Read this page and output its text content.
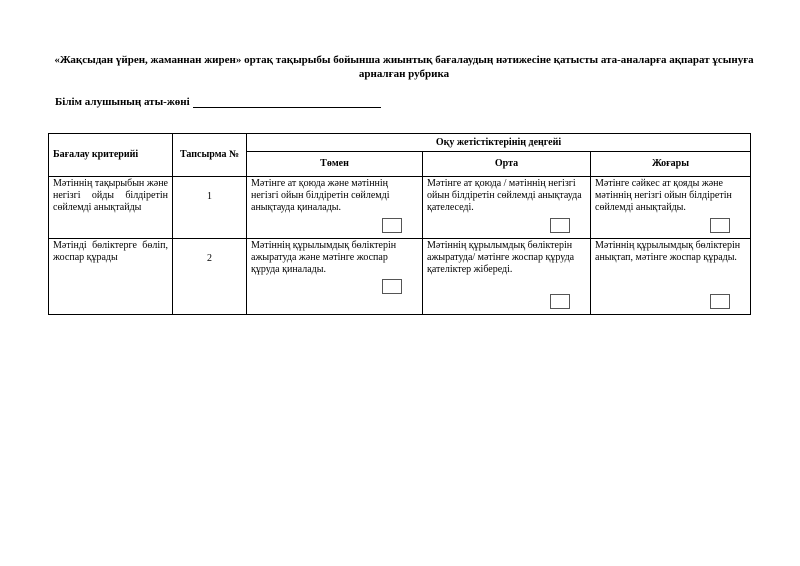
«Жақсыдан үйрен, жаманнан жирен» ортақ тақырыбы бойынша жиынтық бағалаудың нәтижесіне қатысты ата-аналарға ақпарат ұсынуға арналған рубрика
Білім алушының аты-жөні
Бағалау критерийі	Тапсырма №	Оқу жетістіктерінің деңгейі		
		Төмен	Орта	Жоғары
Мәтіннің тақырыбын және негізгі ойды білдіретін сөйлемді анықтайды	1	Мәтінге ат қоюда және мәтіннің негізгі ойын білдіретін сөйлемді анықтауда қиналады.	Мәтінге ат қоюда / мәтіннің негізгі ойын білдіретін сөйлемді анықтауда қателеседі.	Мәтінге сәйкес ат қояды және мәтіннің негізгі ойын білдіретін сөйлемді анықтайды.

Мәтінді бөліктерге бөліп, жоспар құрады	2	Мәтіннің құрылымдық бөліктерін ажыратуда және мәтінге жоспар құруда қиналады.	Мәтіннің құрылымдық бөліктерін ажыратуда/ мәтінге жоспар құруда қателіктер жібереді.	Мәтіннің құрылымдық бөліктерін анықтап, мәтінге жоспар құрады.
